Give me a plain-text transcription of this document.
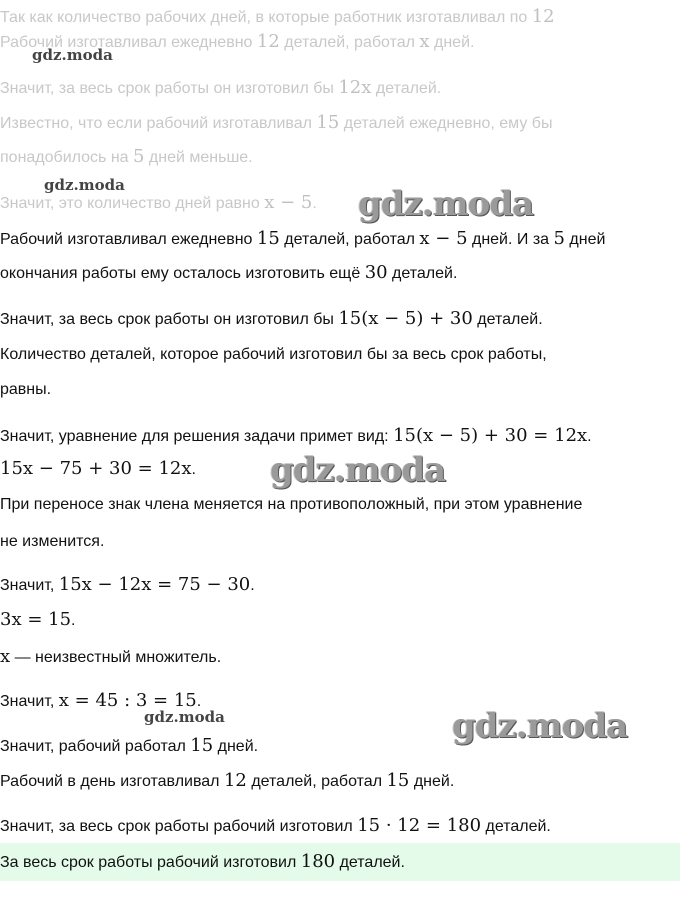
Так как количество рабочих дней, в которые работник изготавливал по 12
Рабочий изготавливал ежедневно 12 деталей, работал x дней.
Значит, за весь срок работы он изготовил бы 12x деталей.
Известно, что если рабочий изготавливал 15 деталей ежедневно, ему бы
понадобилось на 5 дней меньше.
Значит, это количество дней равно x − 5.
Рабочий изготавливал ежедневно 15 деталей, работал x − 5 дней. И за 5 дней
окончания работы ему осталось изготовить ещё 30 деталей.
Значит, за весь срок работы он изготовил бы 15(x − 5) + 30 деталей.
Количество деталей, которое рабочий изготовил бы за весь срок работы,
равны.
Значит, уравнение для решения задачи примет вид: 15(x − 5) + 30 = 12x.
15x − 75 + 30 = 12x.
При переносе знак члена меняется на противоположный, при этом уравнение
не изменится.
Значит, 15x − 12x = 75 − 30.
3x = 15.
x — неизвестный множитель.
Значит, x = 45 : 3 = 15.
Значит, рабочий работал 15 дней.
Рабочий в день изготавливал 12 деталей, работал 15 дней.
Значит, за весь срок работы рабочий изготовил 15 · 12 = 180 деталей.
За весь срок работы рабочий изготовил 180 деталей.
gdz.moda
gdz.moda	gdz.moda
gdz.moda
gdz.moda	gdz.moda
